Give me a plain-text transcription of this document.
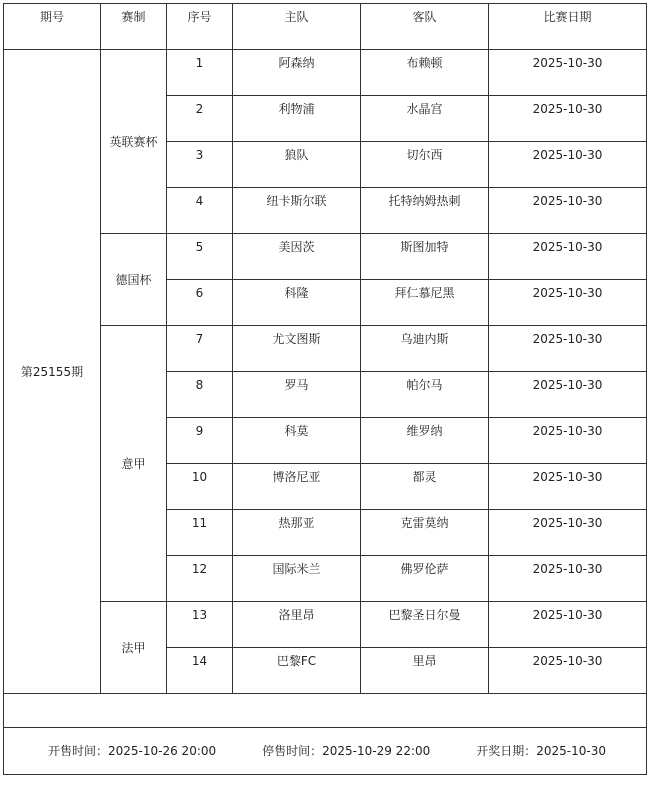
期号	赛制	序号	主队	客队	比赛日期
第25155期	英联赛杯	1	阿森纳	布赖顿	2025-10-30
		2	利物浦	水晶宫	2025-10-30
		3	狼队	切尔西	2025-10-30
		4	纽卡斯尔联	托特纳姆热刺	2025-10-30
	德国杯	5	美因茨	斯图加特	2025-10-30
		6	科隆	拜仁慕尼黑	2025-10-30
	意甲	7	尤文图斯	乌迪内斯	2025-10-30
		8	罗马	帕尔马	2025-10-30
		9	科莫	维罗纳	2025-10-30
		10	博洛尼亚	都灵	2025-10-30
		11	热那亚	克雷莫纳	2025-10-30
		12	国际米兰	佛罗伦萨	2025-10-30
	法甲	13	洛里昂	巴黎圣日尔曼	2025-10-30
		14	巴黎FC	里昂	2025-10-30

开售时间：2025-10-26 20:00 停售时间：2025-10-29 22:00 开奖日期：2025-10-30					
